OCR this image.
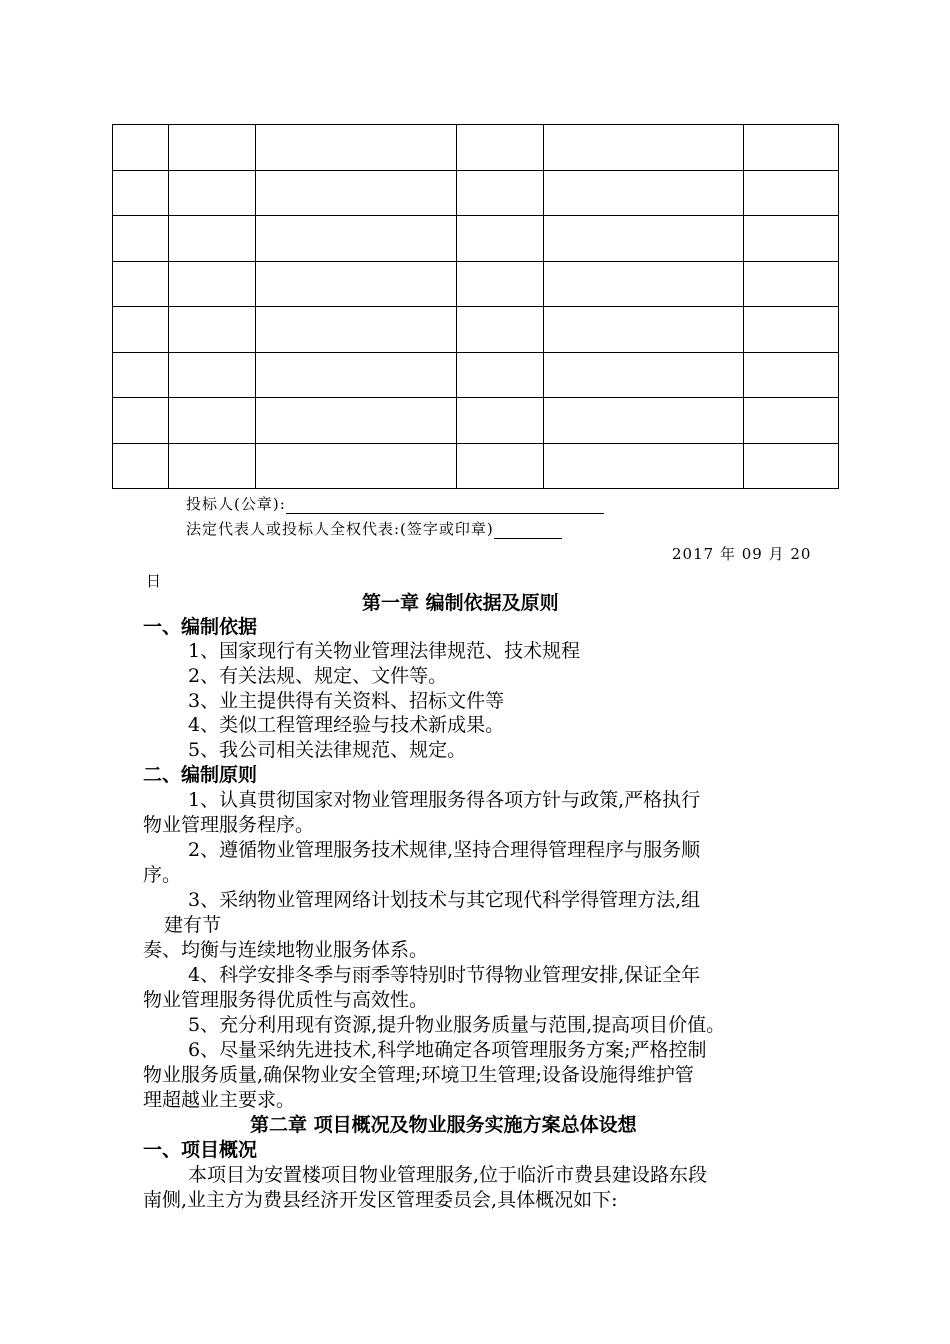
投标人(公章):
法定代表人或投标人全权代表:(签字或印章)
2017 年 09 月 20
日
第一章 编制依据及原则
一、编制依据
1、国家现行有关物业管理法律规范、技术规程
2、有关法规、规定、文件等。
3、业主提供得有关资料、招标文件等
4、类似工程管理经验与技术新成果。
5、我公司相关法律规范、规定。
二、编制原则
1、认真贯彻国家对物业管理服务得各项方针与政策,严格执行
物业管理服务程序。
2、遵循物业管理服务技术规律,坚持合理得管理程序与服务顺
序。
3、采纳物业管理网络计划技术与其它现代科学得管理方法,组
建有节
奏、均衡与连续地物业服务体系。
4、科学安排冬季与雨季等特别时节得物业管理安排,保证全年
物业管理服务得优质性与高效性。
5、充分利用现有资源,提升物业服务质量与范围,提高项目价值。
6、尽量采纳先进技术,科学地确定各项管理服务方案;严格控制
物业服务质量,确保物业安全管理;环境卫生管理;设备设施得维护管
理超越业主要求。
第二章 项目概况及物业服务实施方案总体设想
一、项目概况
本项目为安置楼项目物业管理服务,位于临沂市费县建设路东段
南侧,业主方为费县经济开发区管理委员会,具体概况如下:
